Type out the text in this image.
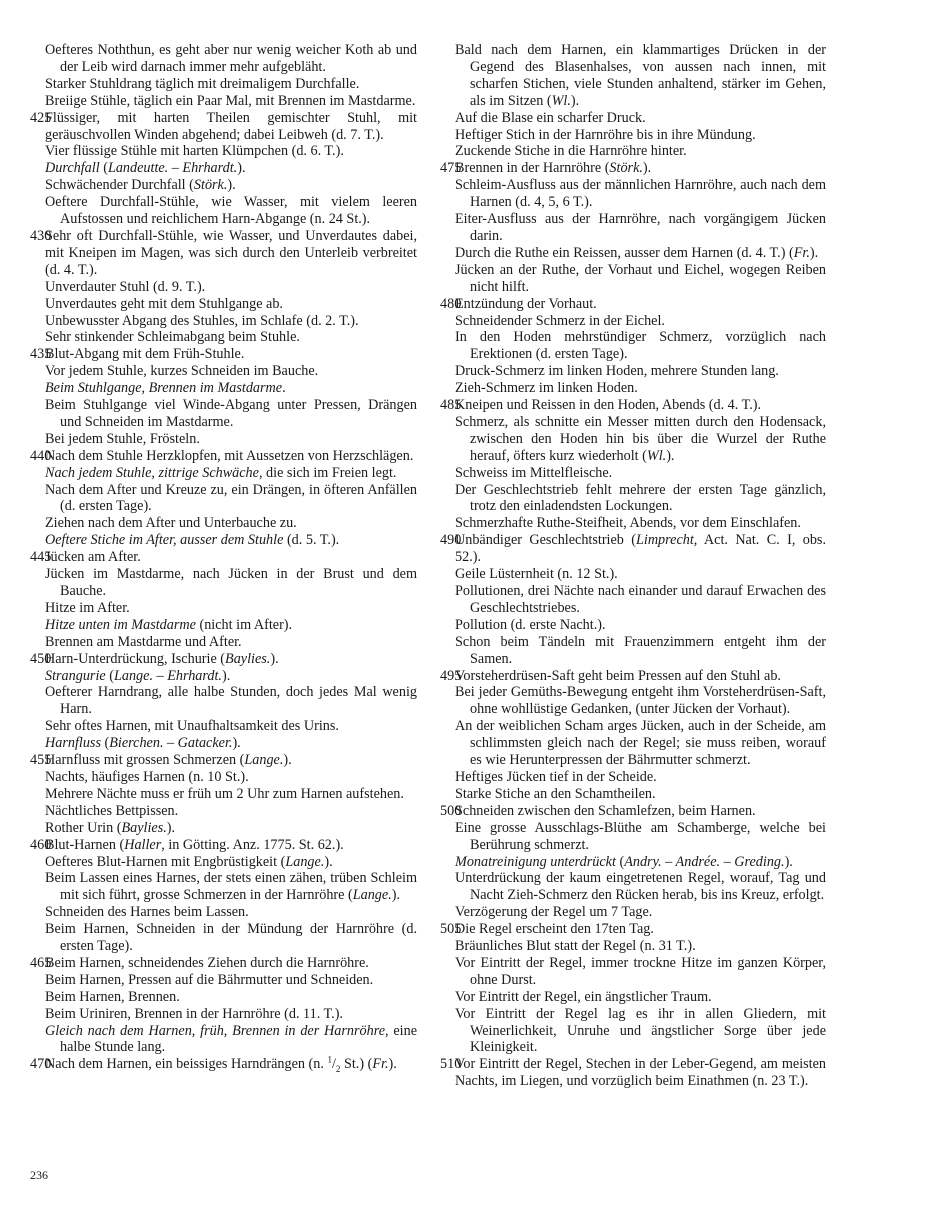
Oefteres Noththun, es geht aber nur wenig weicher Koth ab und der Leib wird darnach immer mehr aufgebläht.
Starker Stuhldrang täglich mit dreimaligem Durchfalle.
Breiige Stühle, täglich ein Paar Mal, mit Brennen im Mastdarme.
425
Flüssiger, mit harten Theilen gemischter Stuhl, mit geräuschvollen Winden abgehend; dabei Leibweh (d. 7. T.).
Vier flüssige Stühle mit harten Klümpchen (d. 6. T.).
Durchfall (Landeutte. – Ehrhardt.).
Schwächender Durchfall (Störk.).
Oeftere Durchfall-Stühle, wie Wasser, mit vielem leeren Aufstossen und reichlichem Harn-Abgange (n. 24 St.).
430
Sehr oft Durchfall-Stühle, wie Wasser, und Unverdautes dabei, mit Kneipen im Magen, was sich durch den Unterleib verbreitet (d. 4. T.).
Unverdauter Stuhl (d. 9. T.).
Unverdautes geht mit dem Stuhlgange ab.
Unbewusster Abgang des Stuhles, im Schlafe (d. 2. T.).
Sehr stinkender Schleimabgang beim Stuhle.
435
Blut-Abgang mit dem Früh-Stuhle.
Vor jedem Stuhle, kurzes Schneiden im Bauche.
Beim Stuhlgange, Brennen im Mastdarme.
Beim Stuhlgange viel Winde-Abgang unter Pressen, Drängen und Schneiden im Mastdarme.
Bei jedem Stuhle, Frösteln.
440
Nach dem Stuhle Herzklopfen, mit Aussetzen von Herzschlägen.
Nach jedem Stuhle, zittrige Schwäche, die sich im Freien legt.
Nach dem After und Kreuze zu, ein Drängen, in öfteren Anfällen (d. ersten Tage).
Ziehen nach dem After und Unterbauche zu.
Oeftere Stiche im After, ausser dem Stuhle (d. 5. T.).
445
Jücken am After.
Jücken im Mastdarme, nach Jücken in der Brust und dem Bauche.
Hitze im After.
Hitze unten im Mastdarme (nicht im After).
Brennen am Mastdarme und After.
450
Harn-Unterdrückung, Ischurie (Baylies.).
Strangurie (Lange. – Ehrhardt.).
Oefterer Harndrang, alle halbe Stunden, doch jedes Mal wenig Harn.
Sehr oftes Harnen, mit Unaufhaltsamkeit des Urins.
Harnfluss (Bierchen. – Gatacker.).
455
Harnfluss mit grossen Schmerzen (Lange.).
Nachts, häufiges Harnen (n. 10 St.).
Mehrere Nächte muss er früh um 2 Uhr zum Harnen aufstehen.
Nächtliches Bettpissen.
Rother Urin (Baylies.).
460
Blut-Harnen (Haller, in Götting. Anz. 1775. St. 62.).
Oefteres Blut-Harnen mit Engbrüstigkeit (Lange.).
Beim Lassen eines Harnes, der stets einen zähen, trüben Schleim mit sich führt, grosse Schmerzen in der Harnröhre (Lange.).
Schneiden des Harnes beim Lassen.
Beim Harnen, Schneiden in der Mündung der Harnröhre (d. ersten Tage).
465
Beim Harnen, schneidendes Ziehen durch die Harnröhre.
Beim Harnen, Pressen auf die Bährmutter und Schneiden.
Beim Harnen, Brennen.
Beim Uriniren, Brennen in der Harnröhre (d. 11. T.).
Gleich nach dem Harnen, früh, Brennen in der Harnröhre, eine halbe Stunde lang.
470
Nach dem Harnen, ein beissiges Harndrängen (n. $^1/_2$ St.) (Fr.).
Bald nach dem Harnen, ein klammartiges Drücken in der Gegend des Blasenhalses, von aussen nach innen, mit scharfen Stichen, viele Stunden anhaltend, stärker im Gehen, als im Sitzen (Wl.).
Auf die Blase ein scharfer Druck.
Heftiger Stich in der Harnröhre bis in ihre Mündung.
Zuckende Stiche in die Harnröhre hinter.
475
Brennen in der Harnröhre (Störk.).
Schleim-Ausfluss aus der männlichen Harnröhre, auch nach dem Harnen (d. 4, 5, 6 T.).
Eiter-Ausfluss aus der Harnröhre, nach vorgängigem Jücken darin.
Durch die Ruthe ein Reissen, ausser dem Harnen (d. 4. T.) (Fr.).
Jücken an der Ruthe, der Vorhaut und Eichel, wogegen Reiben nicht hilft.
480
Entzündung der Vorhaut.
Schneidender Schmerz in der Eichel.
In den Hoden mehrstündiger Schmerz, vorzüglich nach Erektionen (d. ersten Tage).
Druck-Schmerz im linken Hoden, mehrere Stunden lang.
Zieh-Schmerz im linken Hoden.
485
Kneipen und Reissen in den Hoden, Abends (d. 4. T.).
Schmerz, als schnitte ein Messer mitten durch den Hodensack, zwischen den Hoden hin bis über die Wurzel der Ruthe herauf, öfters kurz wiederholt (Wl.).
Schweiss im Mittelfleische.
Der Geschlechtstrieb fehlt mehrere der ersten Tage gänzlich, trotz den einladendsten Lockungen.
Schmerzhafte Ruthe-Steifheit, Abends, vor dem Einschlafen.
490
Unbändiger Geschlechtstrieb (Limprecht, Act. Nat. C. I, obs. 52.).
Geile Lüsternheit (n. 12 St.).
Pollutionen, drei Nächte nach einander und darauf Erwachen des Geschlechtstriebes.
Pollution (d. erste Nacht.).
Schon beim Tändeln mit Frauenzimmern entgeht ihm der Samen.
495
Vorsteherdrüsen-Saft geht beim Pressen auf den Stuhl ab.
Bei jeder Gemüths-Bewegung entgeht ihm Vorsteherdrüsen-Saft, ohne wohllüstige Gedanken, (unter Jücken der Vorhaut).
An der weiblichen Scham arges Jücken, auch in der Scheide, am schlimmsten gleich nach der Regel; sie muss reiben, worauf es wie Herunterpressen der Bährmutter schmerzt.
Heftiges Jücken tief in der Scheide.
Starke Stiche an den Schamtheilen.
500
Schneiden zwischen den Schamlefzen, beim Harnen.
Eine grosse Ausschlags-Blüthe am Schamberge, welche bei Berührung schmerzt.
Monatreinigung unterdrückt (Andry. – Andrée. – Greding.).
Unterdrückung der kaum eingetretenen Regel, worauf, Tag und Nacht Zieh-Schmerz den Rücken herab, bis ins Kreuz, erfolgt.
Verzögerung der Regel um 7 Tage.
505
Die Regel erscheint den 17ten Tag.
Bräunliches Blut statt der Regel (n. 31 T.).
Vor Eintritt der Regel, immer trockne Hitze im ganzen Körper, ohne Durst.
Vor Eintritt der Regel, ein ängstlicher Traum.
Vor Eintritt der Regel lag es ihr in allen Gliedern, mit Weinerlichkeit, Unruhe und ängstlicher Sorge über jede Kleinigkeit.
510
Vor Eintritt der Regel, Stechen in der Leber-Gegend, am meisten Nachts, im Liegen, und vorzüglich beim Einathmen (n. 23 T.).
236
